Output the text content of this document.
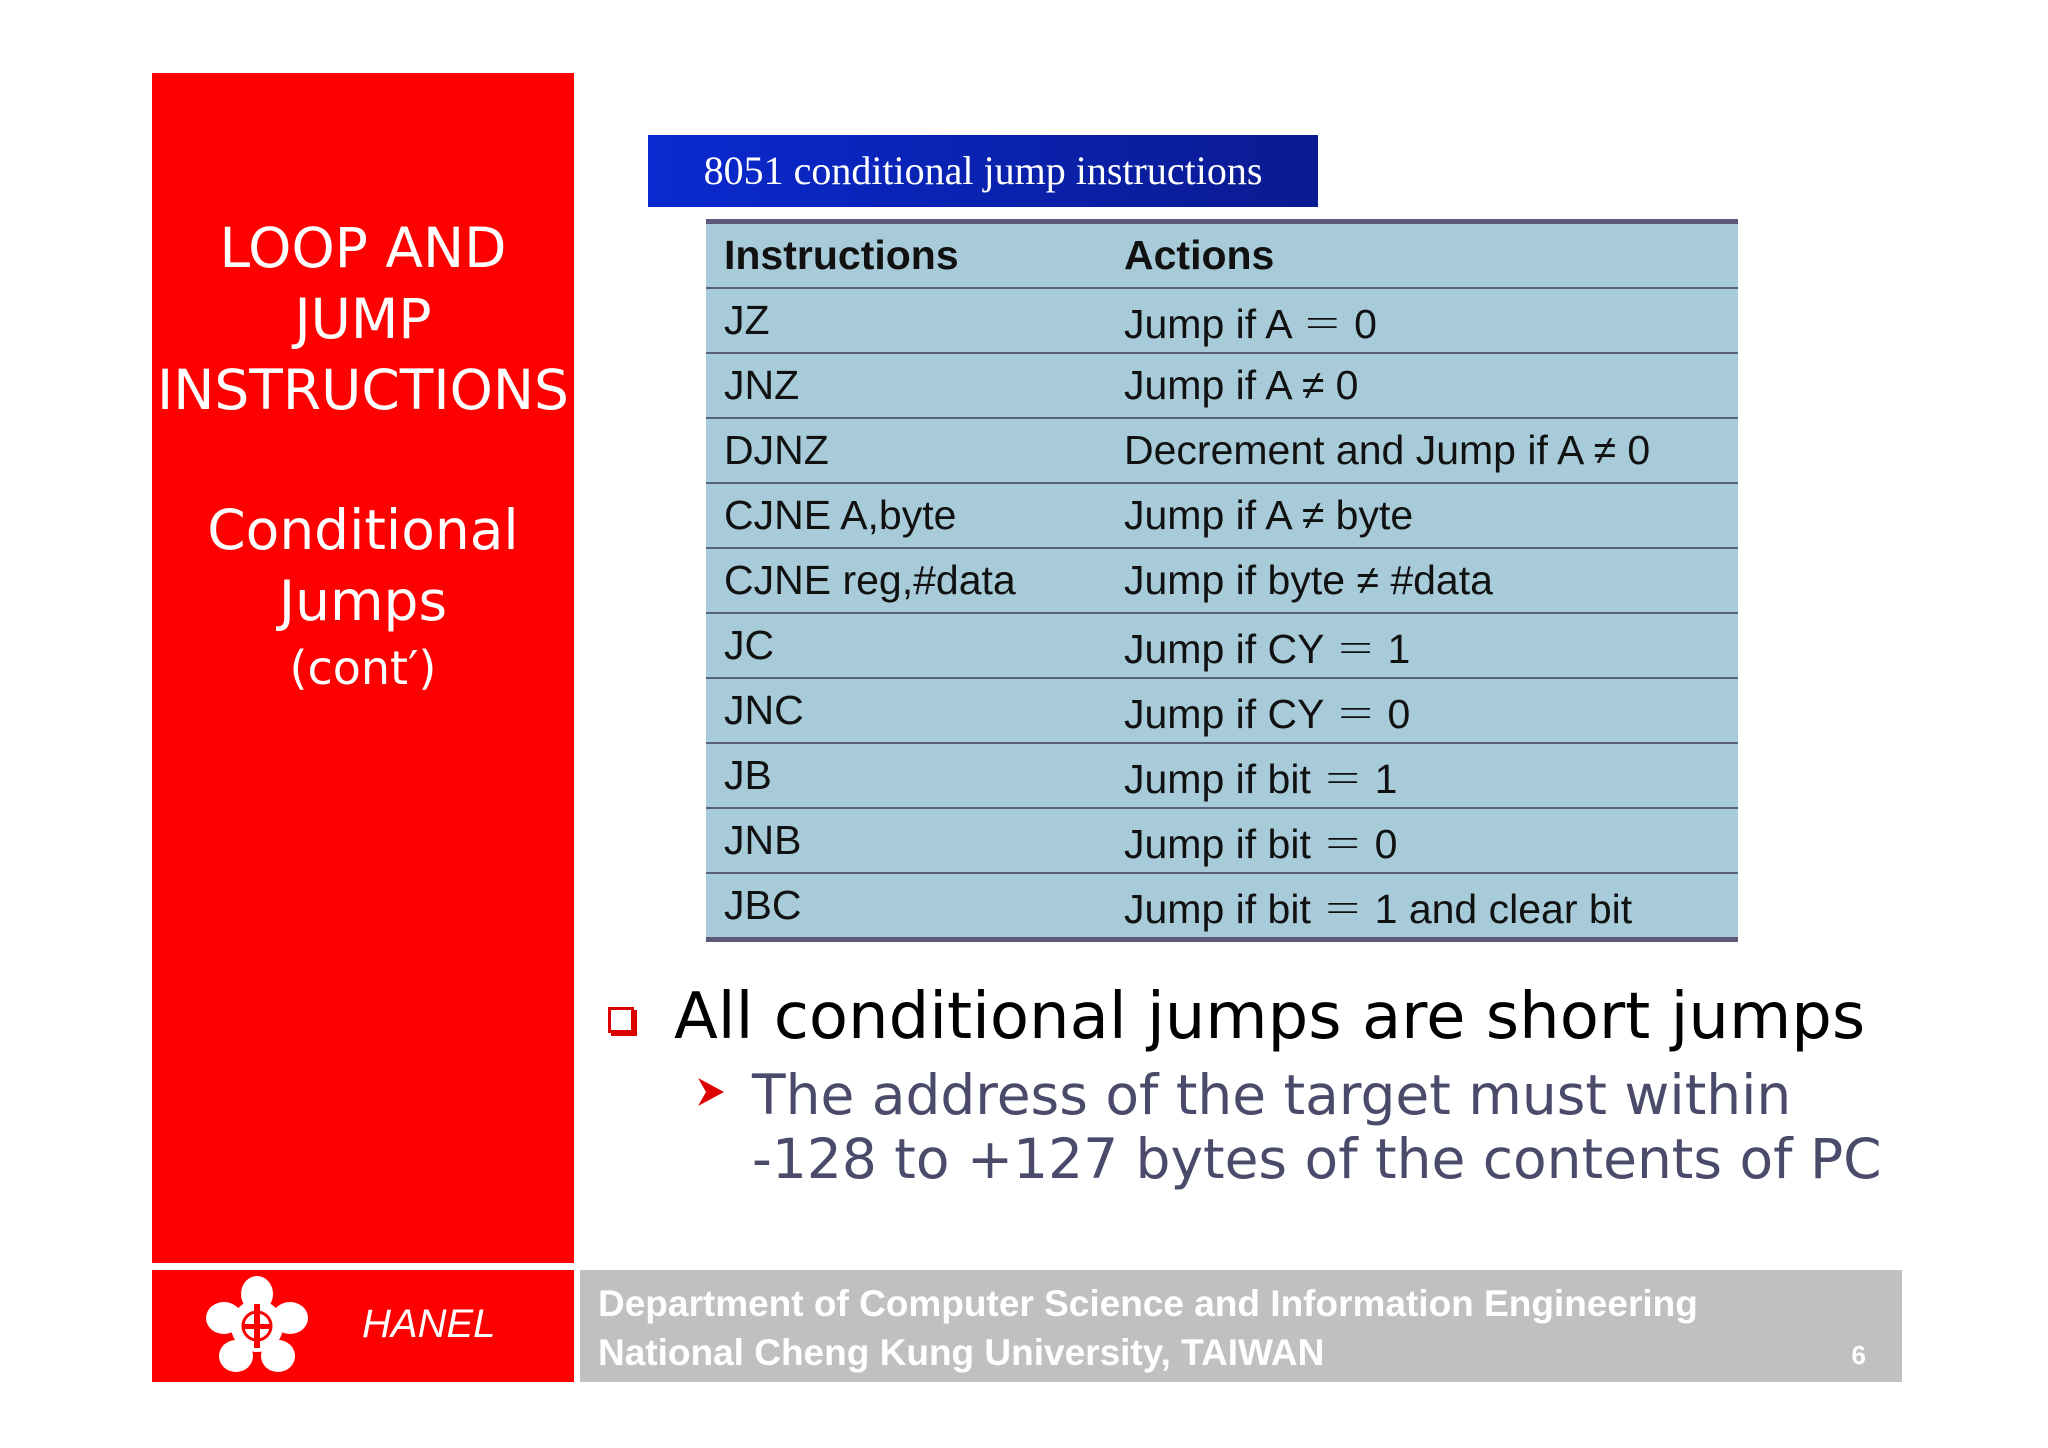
LOOP AND
JUMP
INSTRUCTIONS
Conditional
Jumps
(cont′)
HANEL	Department of Computer Science and Information Engineering
National Cheng Kung University, TAIWAN	6
8051 conditional jump instructions
Instructions	Actions
JZ	Jump if A ＝ 0
JNZ	Jump if A ≠ 0
DJNZ	Decrement and Jump if A ≠ 0
CJNE A,byte	Jump if A ≠ byte
CJNE reg,#data	Jump if byte ≠ #data
JC	Jump if CY ＝ 1
JNC	Jump if CY ＝ 0
JB	Jump if bit ＝ 1
JNB	Jump if bit ＝ 0
JBC	Jump if bit ＝ 1 and clear bit
All conditional jumps are short jumps
The address of the target must within
-128 to +127 bytes of the contents of PC
